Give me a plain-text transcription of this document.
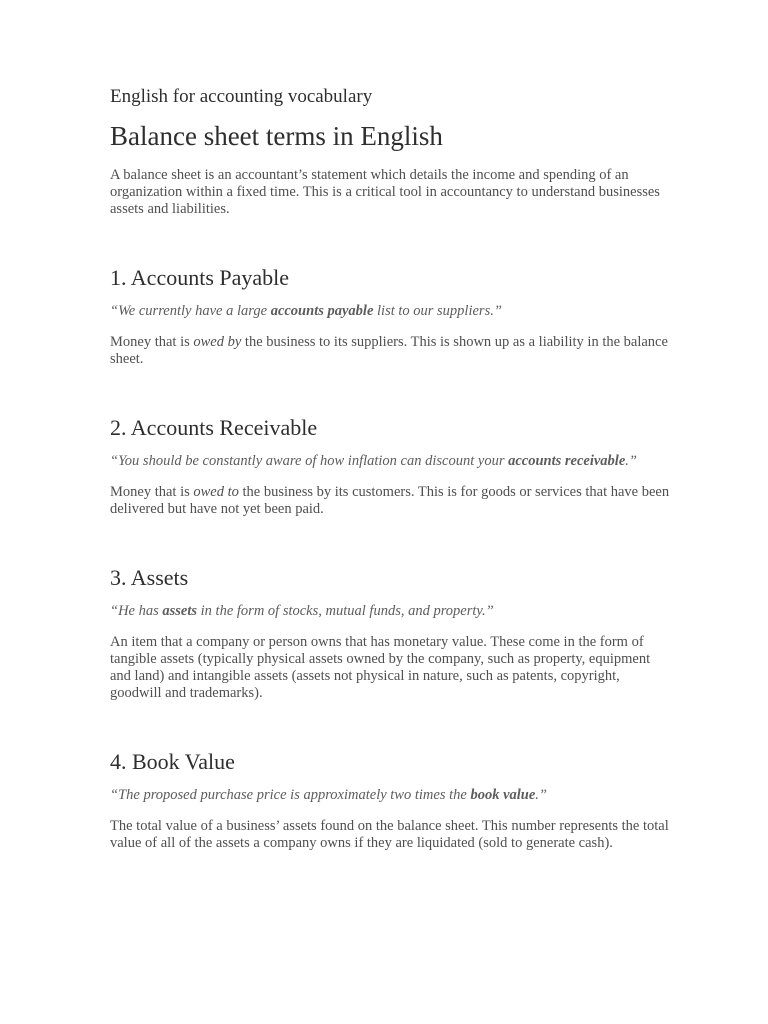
English for accounting vocabulary

Balance sheet terms in English

A balance sheet is an accountant’s statement which details the income and spending of an organization within a fixed time. This is a critical tool in accountancy to understand businesses assets and liabilities.

1. Accounts Payable

“We currently have a large accounts payable list to our suppliers.”

Money that is owed by the business to its suppliers. This is shown up as a liability in the balance sheet.

2. Accounts Receivable

“You should be constantly aware of how inflation can discount your accounts receivable.”

Money that is owed to the business by its customers. This is for goods or services that have been delivered but have not yet been paid.

3. Assets

“He has assets in the form of stocks, mutual funds, and property.”

An item that a company or person owns that has monetary value. These come in the form of tangible assets (typically physical assets owned by the company, such as property, equipment and land) and intangible assets (assets not physical in nature, such as patents, copyright, goodwill and trademarks).

4. Book Value

“The proposed purchase price is approximately two times the book value.”

The total value of a business’ assets found on the balance sheet. This number represents the total value of all of the assets a company owns if they are liquidated (sold to generate cash).
